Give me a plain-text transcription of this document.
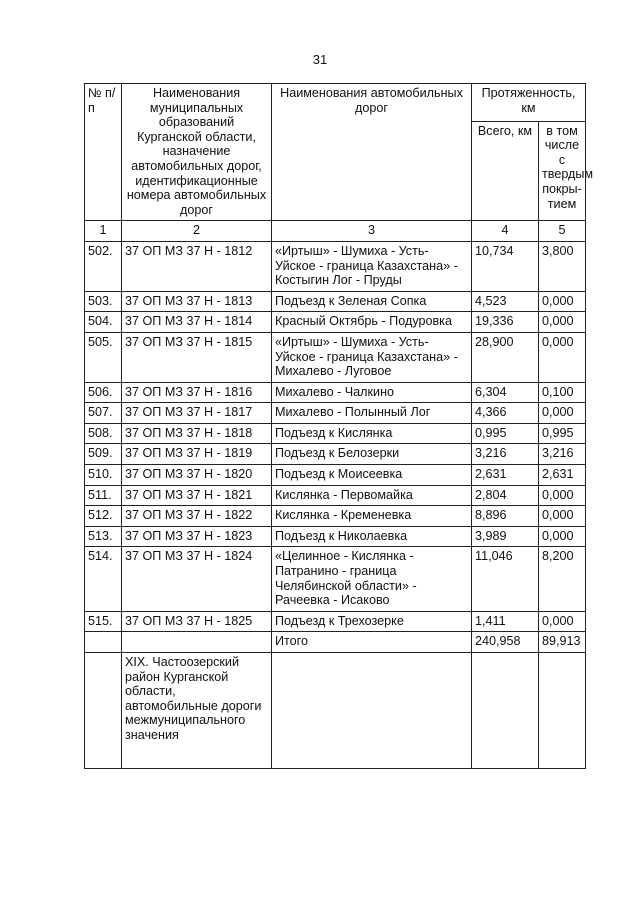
31
№ п/п	Наименования муниципальных образований Курганской области, назначение автомобильных дорог, идентификационные номера автомобильных дорог	Наименования автомобильных дорог	Протяженность, км	
			Всего, км	в том
числе с
твердым
покры-
тием
1	2	3	4	5
502.	37 ОП МЗ 37 Н - 1812	«Иртыш» - Шумиха - Усть-Уйское - граница Казахстана» - Костыгин Лог - Пруды	10,734	3,800
503.	37 ОП МЗ 37 Н - 1813	Подъезд к Зеленая Сопка	4,523	0,000
504.	37 ОП МЗ 37 Н - 1814	Красный Октябрь - Подуровка	19,336	0,000
505.	37 ОП МЗ 37 Н - 1815	«Иртыш» - Шумиха - Усть-Уйское - граница Казахстана» - Михалево - Луговое	28,900	0,000
506.	37 ОП МЗ 37 Н - 1816	Михалево - Чалкино	6,304	0,100
507.	37 ОП МЗ 37 Н - 1817	Михалево - Полынный Лог	4,366	0,000
508.	37 ОП МЗ 37 Н - 1818	Подъезд к Кислянка	0,995	0,995
509.	37 ОП МЗ 37 Н - 1819	Подъезд к Белозерки	3,216	3,216
510.	37 ОП МЗ 37 Н - 1820	Подъезд к Моисеевка	2,631	2,631
511.	37 ОП МЗ 37 Н - 1821	Кислянка - Первомайка	2,804	0,000
512.	37 ОП МЗ 37 Н - 1822	Кислянка - Кременевка	8,896	0,000
513.	37 ОП МЗ 37 Н - 1823	Подъезд к Николаевка	3,989	0,000
514.	37 ОП МЗ 37 Н - 1824	«Целинное - Кислянка - Патранино - граница Челябинской области» - Рачеевка - Исаково	11,046	8,200
515.	37 ОП МЗ 37 Н - 1825	Подъезд к Трехозерке	1,411	0,000
		Итого	240,958	89,913
	XIX. Частоозерский район Курганской области, автомобильные дороги межмуниципального значения			
